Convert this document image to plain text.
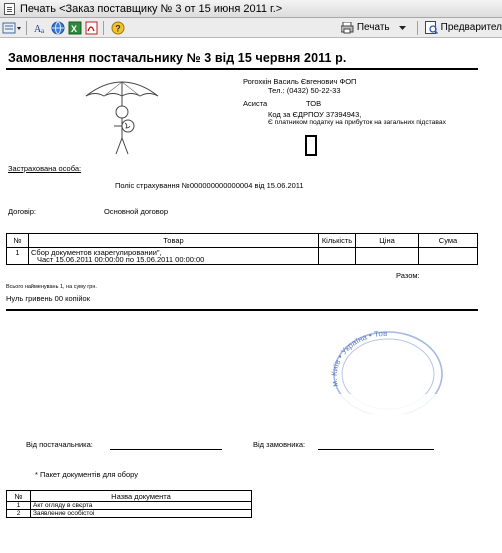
Печать <Заказ поставщику № 3 от 15 июня 2011 г.>
A a	X	?	Печать	Предварител
Замовлення постачальнику № 3 від 15 червня 2011 р.
Рогохкін Василь Євгенович ФОП
Тел.: (0432) 50-22-33
Асиста	ТОВ
Код за ЄДРПОУ 37394943,
Є платником податку на прибуток на загальних підставах
Застрахована особа:
Поліс страхування №000000000000004 від 15.06.2011
Договір:	Основной договор
№	Товар	Кількість	Ціна	Сума
1	Сбор документов кзарегулировании",
Част 15.06.2011 00:00:00 по 15.06.2011 00:00:00			

Разом:
Всього найменувань 1, на суму грн.
Нуль гривень 00 копійок
м. Київ • Україна • Тов
Від постачальника:	Від замовника:
* Пакет документів для обору
№	Назва документа
1	Акт огляду в свєрта
2	Заявление особістоі
